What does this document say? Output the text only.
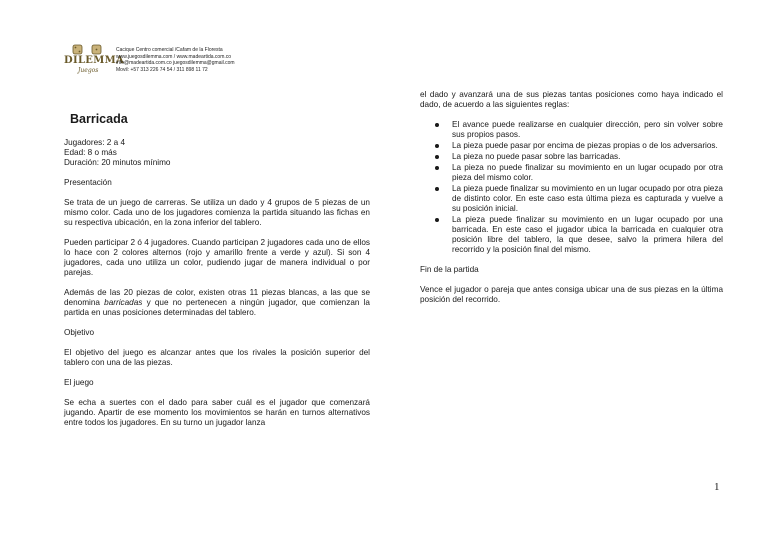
DILEMMA
Juegos
Cacique Centro comercial /Cafam de la Floresta
www.juegosdilemma.com / www.madeartida.com.co
info@madeartida.com.co juegosdilemma@gmail.com
Movil: +57 313 226 74 54 / 311 898 11 72
Barricada
Jugadores: 2 a 4
Edad: 8 o más
Duración: 20 minutos mínimo
Presentación
Se trata de un juego de carreras. Se utiliza un dado y 4 grupos de 5 piezas de un mismo color. Cada uno de los jugadores comienza la partida situando las fichas en su respectiva ubicación, en la zona inferior del tablero.
Pueden participar 2 ó 4 jugadores. Cuando participan 2 jugadores cada uno de ellos lo hace con 2 colores alternos (rojo y amarillo frente a verde y azul). Si son 4 jugadores, cada uno utiliza un color, pudiendo jugar de manera individual o por parejas.
Además de las 20 piezas de color, existen otras 11 piezas blancas, a las que se denomina barricadas y que no pertenecen a ningún jugador, que comienzan la partida en unas posiciones determinadas del tablero.
Objetivo
El objetivo del juego es alcanzar antes que los rivales la posición superior del tablero con una de las piezas.
El juego
Se echa a suertes con el dado para saber cuál es el jugador que comenzará jugando. Apartir de ese momento los movimientos se harán en turnos alternativos entre todos los jugadores. En su turno un jugador lanza
el dado y avanzará una de sus piezas tantas posiciones como haya indicado el dado, de acuerdo a las siguientes reglas:
El avance puede realizarse en cualquier dirección, pero sin volver sobre sus propios pasos.
La pieza puede pasar por encima de piezas propias o de los adversarios.
La pieza no puede pasar sobre las barricadas.
La pieza no puede finalizar su movimiento en un lugar ocupado por otra pieza del mismo color.
La pieza puede finalizar su movimiento en un lugar ocupado por otra pieza de distinto color. En este caso esta última pieza es capturada y vuelve a su posición inicial.
La pieza puede finalizar su movimiento en un lugar ocupado por una barricada. En este caso el jugador ubica la barricada en cualquier otra posición libre del tablero, la que desee, salvo la primera hilera del recorrido y la posición final del mismo.
Fin de la partida
Vence el jugador o pareja que antes consiga ubicar una de sus piezas en la última posición del recorrido.
1
